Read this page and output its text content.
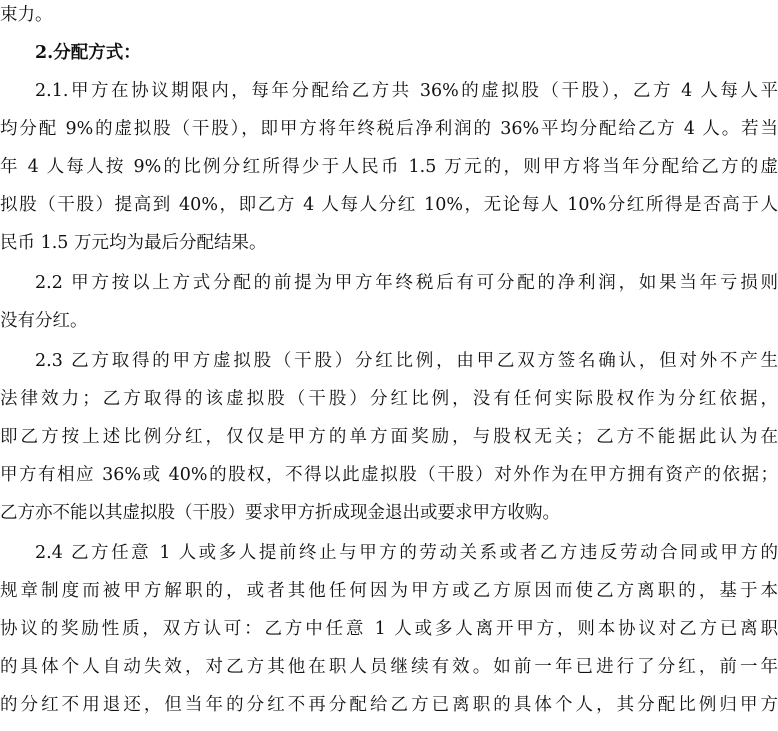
束力。
2.分配方式：
2.1.甲方在协议期限内，每年分配给乙方共 36%的虚拟股（干股），乙方 4 人每人平
均分配 9%的虚拟股（干股），即甲方将年终税后净利润的 36%平均分配给乙方 4 人。若当
年 4 人每人按 9%的比例分红所得少于人民币 1.5 万元的，则甲方将当年分配给乙方的虚
拟股（干股）提高到 40%，即乙方 4 人每人分红 10%，无论每人 10%分红所得是否高于人
民币 1.5 万元均为最后分配结果。
2.2 甲方按以上方式分配的前提为甲方年终税后有可分配的净利润，如果当年亏损则
没有分红。
2.3 乙方取得的甲方虚拟股（干股）分红比例，由甲乙双方签名确认，但对外不产生
法律效力；乙方取得的该虚拟股（干股）分红比例，没有任何实际股权作为分红依据，
即乙方按上述比例分红，仅仅是甲方的单方面奖励，与股权无关；乙方不能据此认为在
甲方有相应 36%或 40%的股权，不得以此虚拟股（干股）对外作为在甲方拥有资产的依据；
乙方亦不能以其虚拟股（干股）要求甲方折成现金退出或要求甲方收购。
2.4 乙方任意 1 人或多人提前终止与甲方的劳动关系或者乙方违反劳动合同或甲方的
规章制度而被甲方解职的，或者其他任何因为甲方或乙方原因而使乙方离职的，基于本
协议的奖励性质，双方认可：乙方中任意 1 人或多人离开甲方，则本协议对乙方已离职
的具体个人自动失效，对乙方其他在职人员继续有效。如前一年已进行了分红，前一年
的分红不用退还，但当年的分红不再分配给乙方已离职的具体个人，其分配比例归甲方
